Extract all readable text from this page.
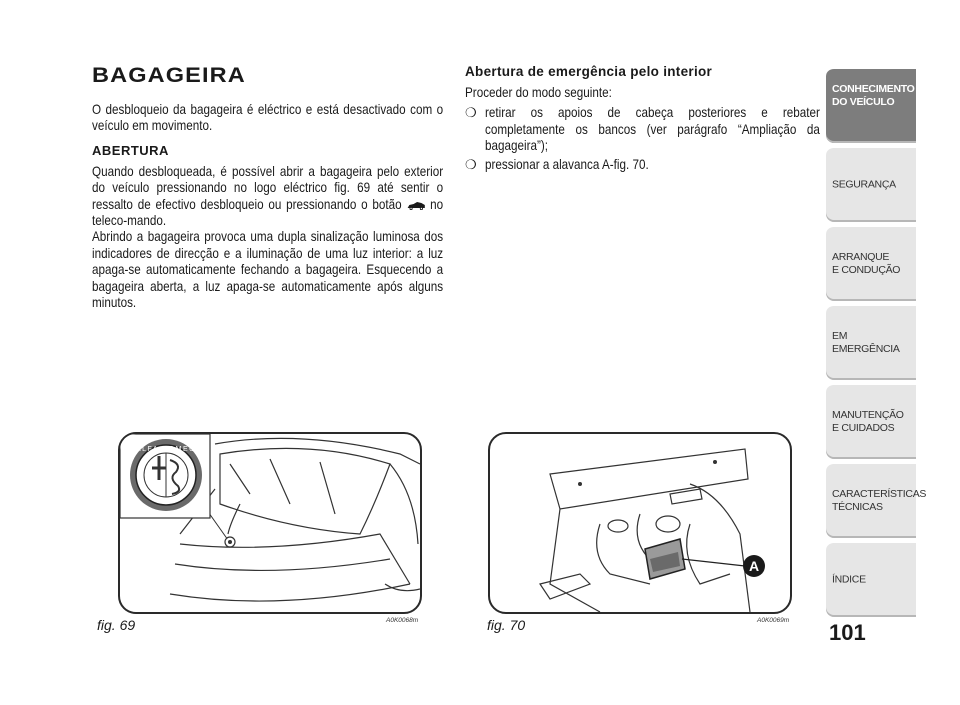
BAGAGEIRA

O desbloqueio da bagageira é eléctrico e está desactivado com o veículo em movimento.

ABERTURA

Quando desbloqueada, é possível abrir a bagageira pelo exterior do veículo pressionando no logo eléctrico fig. 69 até sentir o ressalto de efectivo desbloqueio ou pressionando o botão no teleco-mando.

Abrindo a bagageira provoca uma dupla sinalização luminosa dos indicadores de direcção e a iluminação de uma luz interior: a luz apaga-se automaticamente fechando a bagageira. Esquecendo a bagageira aberta, a luz apaga-se automaticamente após alguns minutos.

Abertura de emergência pelo interior

Proceder do modo seguinte:

❍ retirar os apoios de cabeça posteriores e rebater completamente os bancos (ver parágrafo “Ampliação da bagageira”);

❍ pressionar a alavanca A-fig. 70.

ALFA ROMEO
fig. 69	A0K0068m
A
fig. 70	A0K0069m
CONHECIMENTO
DO VEÍCULO
SEGURANÇA
ARRANQUE
E CONDUÇÃO
EM EMERGÊNCIA
MANUTENÇÃO
E CUIDADOS
CARACTERÍSTICAS
TÉCNICAS
ÍNDICE
101
